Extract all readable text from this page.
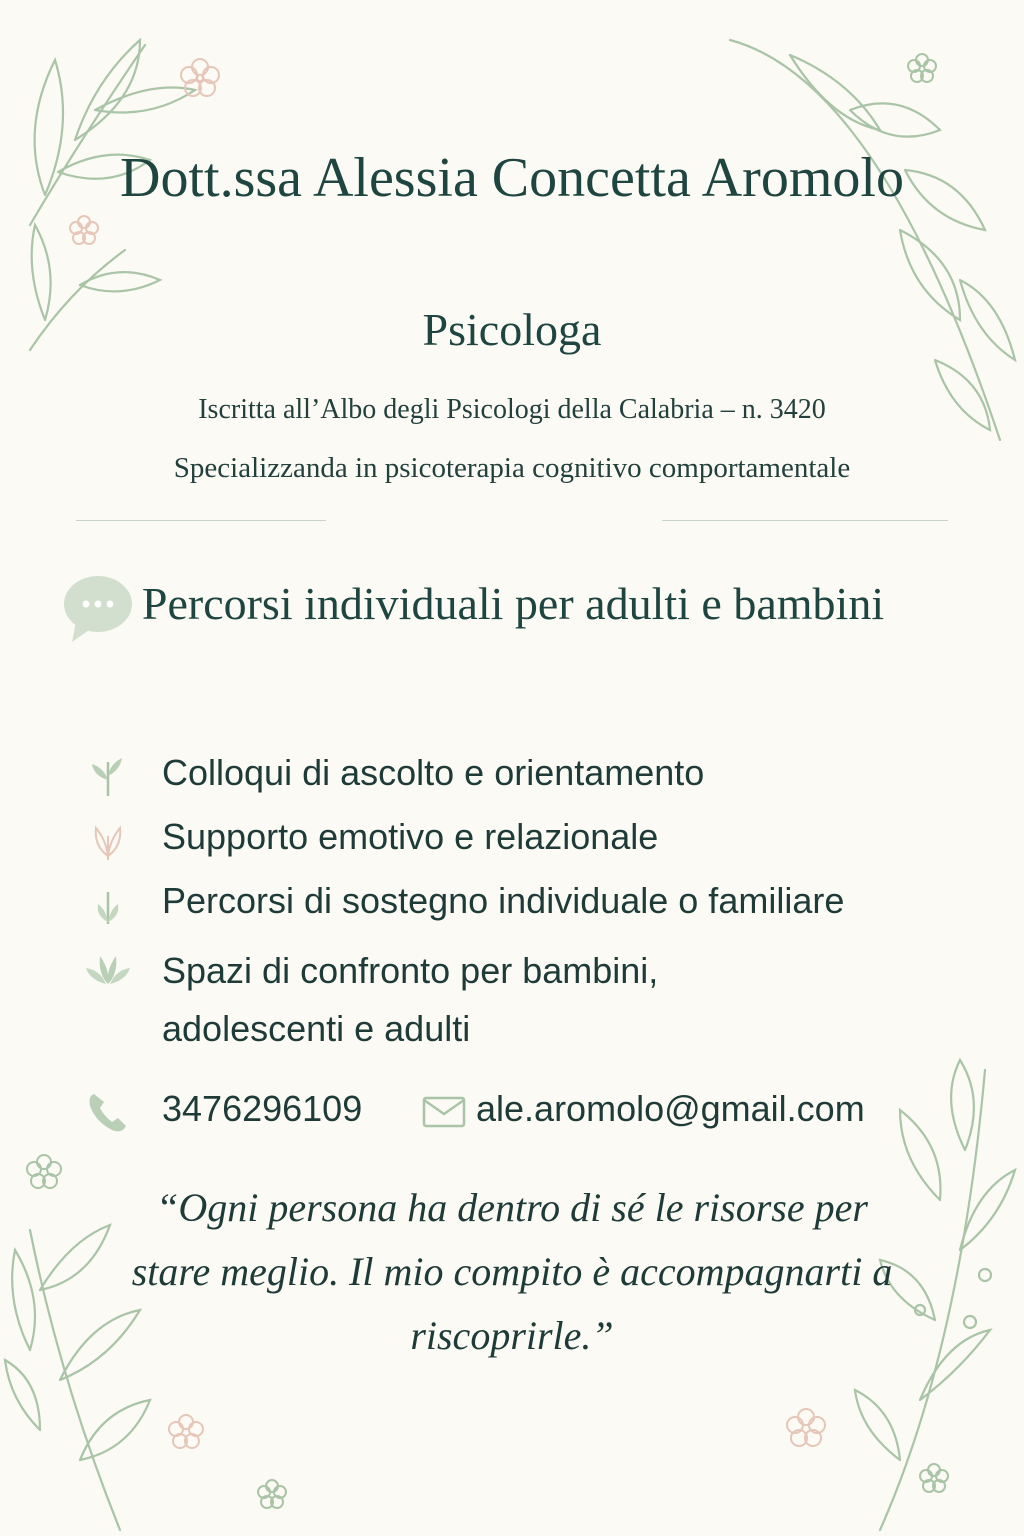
Dott.ssa Alessia Concetta Aromolo
Psicologa
Iscritta all’Albo degli Psicologi della Calabria – n. 3420
Specializzanda in psicoterapia cognitivo comportamentale
Percorsi individuali per adulti e bambini
Colloqui di ascolto e orientamento
Supporto emotivo e relazionale
Percorsi di sostegno individuale o familiare
Spazi di confronto per bambini, adolescenti e adulti
3476296109	ale.aromolo@gmail.com
“Ogni persona ha dentro di sé le risorse per stare meglio. Il mio compito è accompagnarti a riscoprirle.”
